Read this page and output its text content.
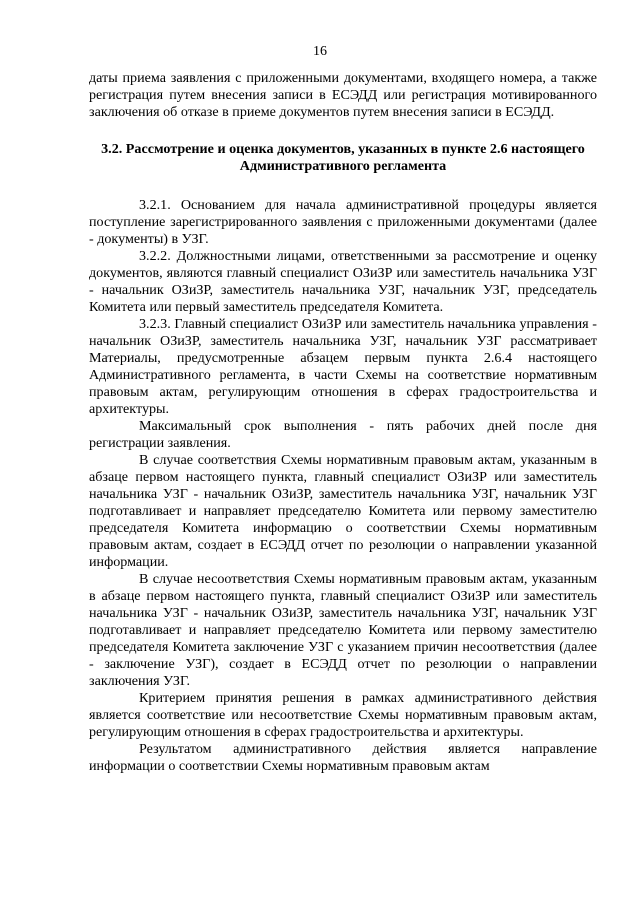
16

даты приема заявления с приложенными документами, входящего номера, а также регистрация путем внесения записи в ЕСЭДД или регистрация мотивированного заключения об отказе в приеме документов путем внесения записи в ЕСЭДД.

3.2. Рассмотрение и оценка документов, указанных в пункте 2.6 настоящего Административного регламента

3.2.1. Основанием для начала административной процедуры является поступление зарегистрированного заявления с приложенными документами (далее - документы) в УЗГ.

3.2.2. Должностными лицами, ответственными за рассмотрение и оценку документов, являются главный специалист ОЗиЗР или заместитель начальника УЗГ - начальник ОЗиЗР, заместитель начальника УЗГ, начальник УЗГ, председатель Комитета или первый заместитель председателя Комитета.

3.2.3. Главный специалист ОЗиЗР или заместитель начальника управления - начальник ОЗиЗР, заместитель начальника УЗГ, начальник УЗГ рассматривает Материалы, предусмотренные абзацем первым пункта 2.6.4 настоящего Административного регламента, в части Схемы на соответствие нормативным правовым актам, регулирующим отношения в сферах градостроительства и архитектуры.

Максимальный срок выполнения - пять рабочих дней после дня регистрации заявления.

В случае соответствия Схемы нормативным правовым актам, указанным в абзаце первом настоящего пункта, главный специалист ОЗиЗР или заместитель начальника УЗГ - начальник ОЗиЗР, заместитель начальника УЗГ, начальник УЗГ подготавливает и направляет председателю Комитета или первому заместителю председателя Комитета информацию о соответствии Схемы нормативным правовым актам, создает в ЕСЭДД отчет по резолюции о направлении указанной информации.

В случае несоответствия Схемы нормативным правовым актам, указанным в абзаце первом настоящего пункта, главный специалист ОЗиЗР или заместитель начальника УЗГ - начальник ОЗиЗР, заместитель начальника УЗГ, начальник УЗГ подготавливает и направляет председателю Комитета или первому заместителю председателя Комитета заключение УЗГ с указанием причин несоответствия (далее - заключение УЗГ), создает в ЕСЭДД отчет по резолюции о направлении заключения УЗГ.

Критерием принятия решения в рамках административного действия является соответствие или несоответствие Схемы нормативным правовым актам, регулирующим отношения в сферах градостроительства и архитектуры.

Результатом административного действия является направление информации о соответствии Схемы нормативным правовым актам
